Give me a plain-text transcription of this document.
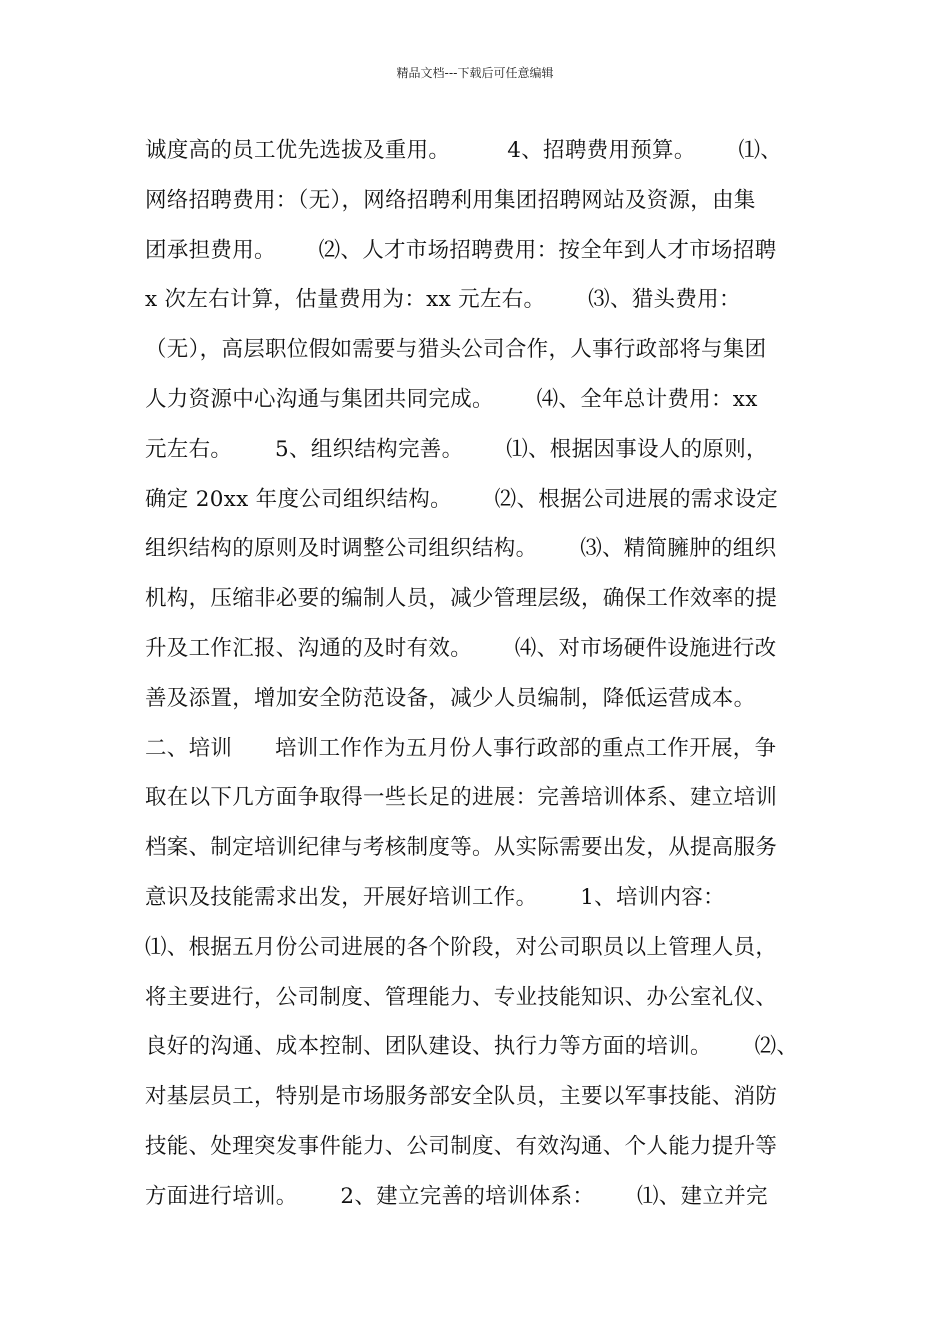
精品文档---下载后可任意编辑
诚度高的员工优先选拔及重用。        4、招聘费用预算。      ⑴、
网络招聘费用：（无），网络招聘利用集团招聘网站及资源，由集
团承担费用。      ⑵、人才市场招聘费用：按全年到人才市场招聘
x 次左右计算，估量费用为：xx 元左右。      ⑶、猎头费用：
（无），高层职位假如需要与猎头公司合作，人事行政部将与集团
人力资源中心沟通与集团共同完成。      ⑷、全年总计费用：xx
元左右。      5、组织结构完善。      ⑴、根据因事设人的原则，
确定 20xx 年度公司组织结构。      ⑵、根据公司进展的需求设定
组织结构的原则及时调整公司组织结构。      ⑶、精简臃肿的组织
机构，压缩非必要的编制人员，减少管理层级，确保工作效率的提
升及工作汇报、沟通的及时有效。      ⑷、对市场硬件设施进行改
善及添置，增加安全防范设备，减少人员编制，降低运营成本。
二、培训      培训工作作为五月份人事行政部的重点工作开展，争
取在以下几方面争取得一些长足的进展：完善培训体系、建立培训
档案、制定培训纪律与考核制度等。从实际需要出发，从提高服务
意识及技能需求出发，开展好培训工作。      1、培训内容：
⑴、根据五月份公司进展的各个阶段，对公司职员以上管理人员，
将主要进行，公司制度、管理能力、专业技能知识、办公室礼仪、
良好的沟通、成本控制、团队建设、执行力等方面的培训。      ⑵、
对基层员工，特别是市场服务部安全队员，主要以军事技能、消防
技能、处理突发事件能力、公司制度、有效沟通、个人能力提升等
方面进行培训。      2、建立完善的培训体系：      ⑴、建立并完
